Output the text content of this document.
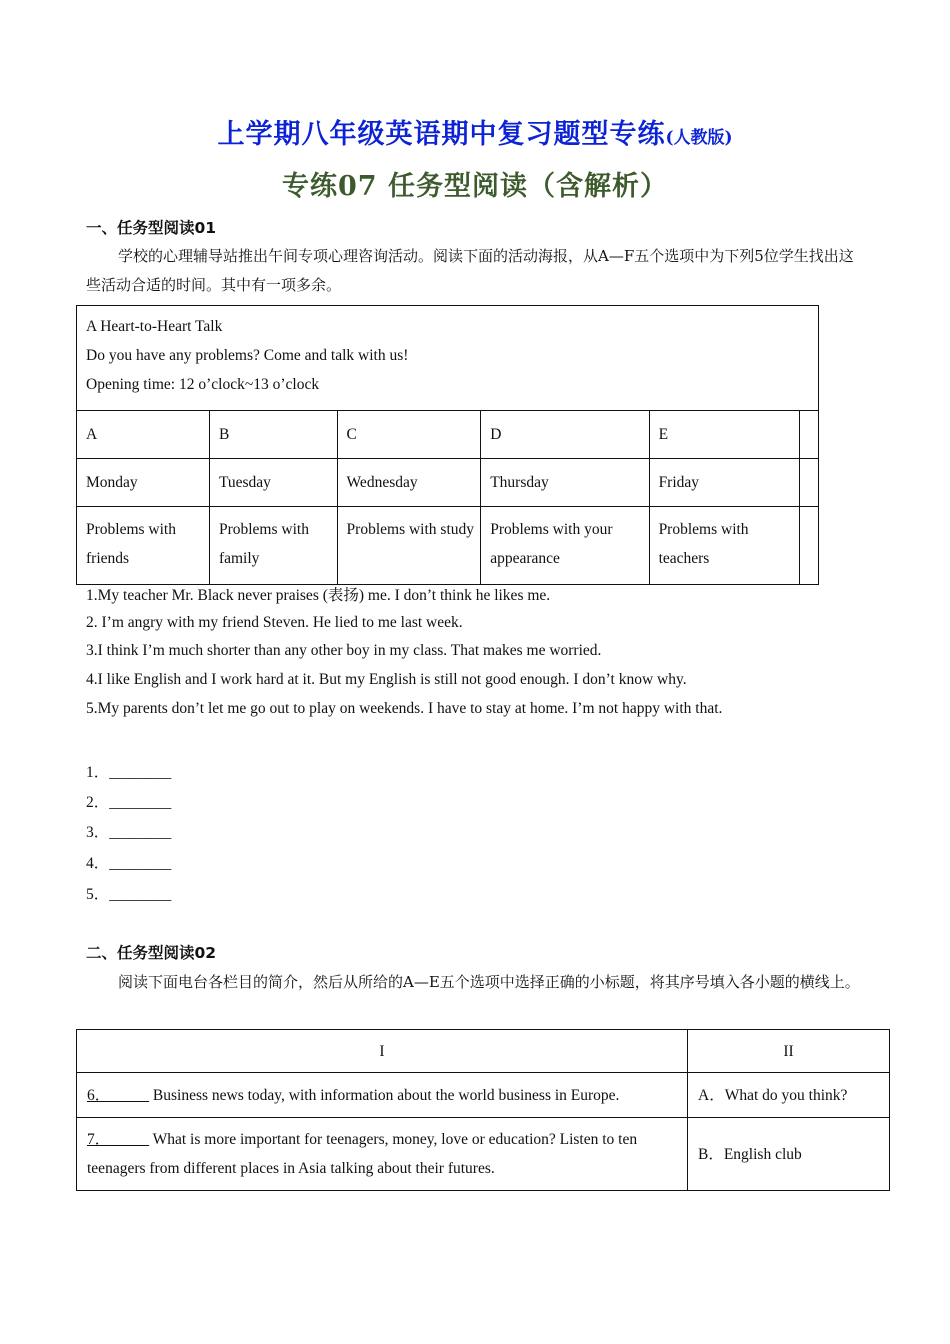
上学期八年级英语期中复习题型专练(人教版)
专练07 任务型阅读（含解析）
一、任务型阅读01
学校的心理辅导站推出午间专项心理咨询活动。阅读下面的活动海报，从A—F五个选项中为下列5位学生找出这些活动合适的时间。其中有一项多余。
A Heart-to-Heart Talk
Do you have any problems? Come and talk with us!
Opening time: 12 o’clock~13 o’clock					

A	B	C	D	E	
Monday	Tuesday	Wednesday	Thursday	Friday	
Problems with friends	Problems with family	Problems with study	Problems with your appearance	Problems with teachers	
1.My teacher Mr. Black never praises (表扬) me. I don’t think he likes me.
2. I’m angry with my friend Steven. He lied to me last week.
3.I think I’m much shorter than any other boy in my class. That makes me worried.
4.I like English and I work hard at it. But my English is still not good enough. I don’t know why.
5.My parents don’t let me go out to play on weekends. I have to stay at home. I’m not happy with that.
1．________
2．________
3．________
4．________
5．________
二、任务型阅读02
阅读下面电台各栏目的简介，然后从所给的A—E五个选项中选择正确的小标题，将其序号填入各小题的横线上。
I	II
6．_____ Business news today, with information about the world business in Europe.	A．What do you think?
7．_____ What is more important for teenagers, money, love or education? Listen to ten teenagers from different places in Asia talking about their futures.	B．English club
